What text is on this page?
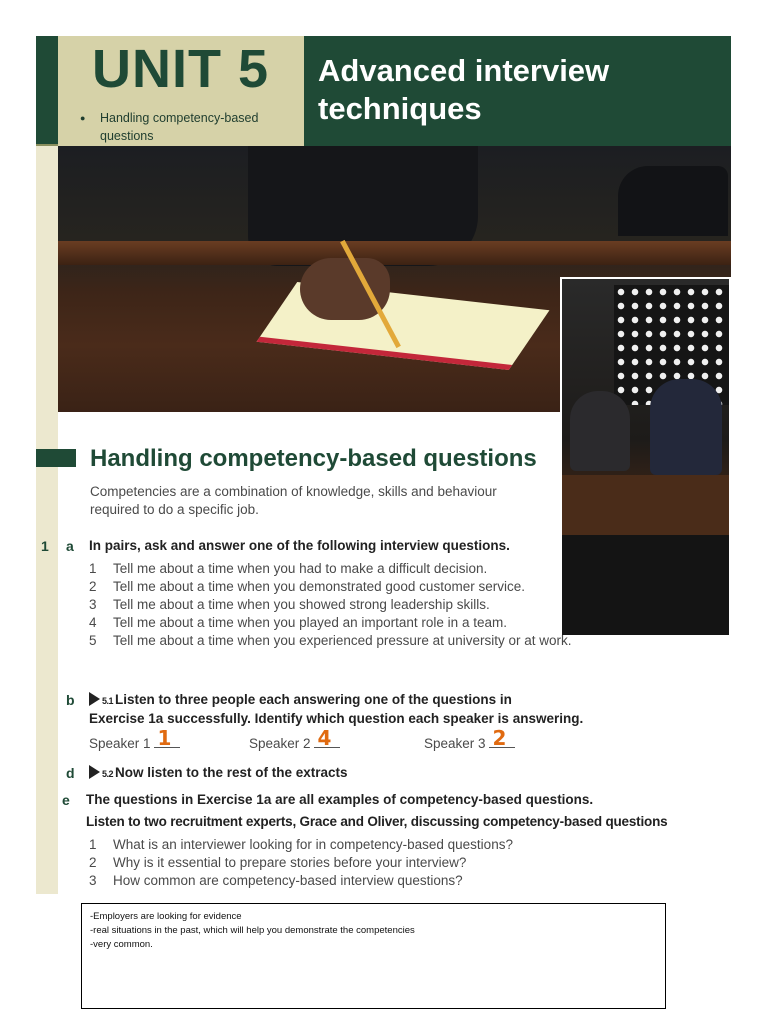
UNIT 5
● Handling competency-based questions
●
●
●
●
Advanced interview
techniques
Handling competency-based questions
Competencies are a combination of knowledge, skills and behaviour required to do a specific job.
1 a In pairs, ask and answer one of the following interview questions.
1 Tell me about a time when you had to make a difficult decision.
2 Tell me about a time when you demonstrated good customer service.
3 Tell me about a time when you showed strong leadership skills.
4 Tell me about a time when you played an important role in a team.
5 Tell me about a time when you experienced pressure at university or at work.
b	5.1 Listen to three people each answering one of the questions in
Exercise 1a successfully. Identify which question each speaker is answering.
Speaker 1 1	Speaker 2 4	Speaker 3 2
d	5.2 Now listen to the rest of the extracts
e The questions in Exercise 1a are all examples of competency-based questions.
Listen to two recruitment experts, Grace and Oliver, discussing competency-based questions
1 What is an interviewer looking for in competency-based questions?
2 Why is it essential to prepare stories before your interview?
3 How common are competency-based interview questions?

-Employers are looking for evidence

-real situations in the past, which will help you demonstrate the competencies

-very common.
